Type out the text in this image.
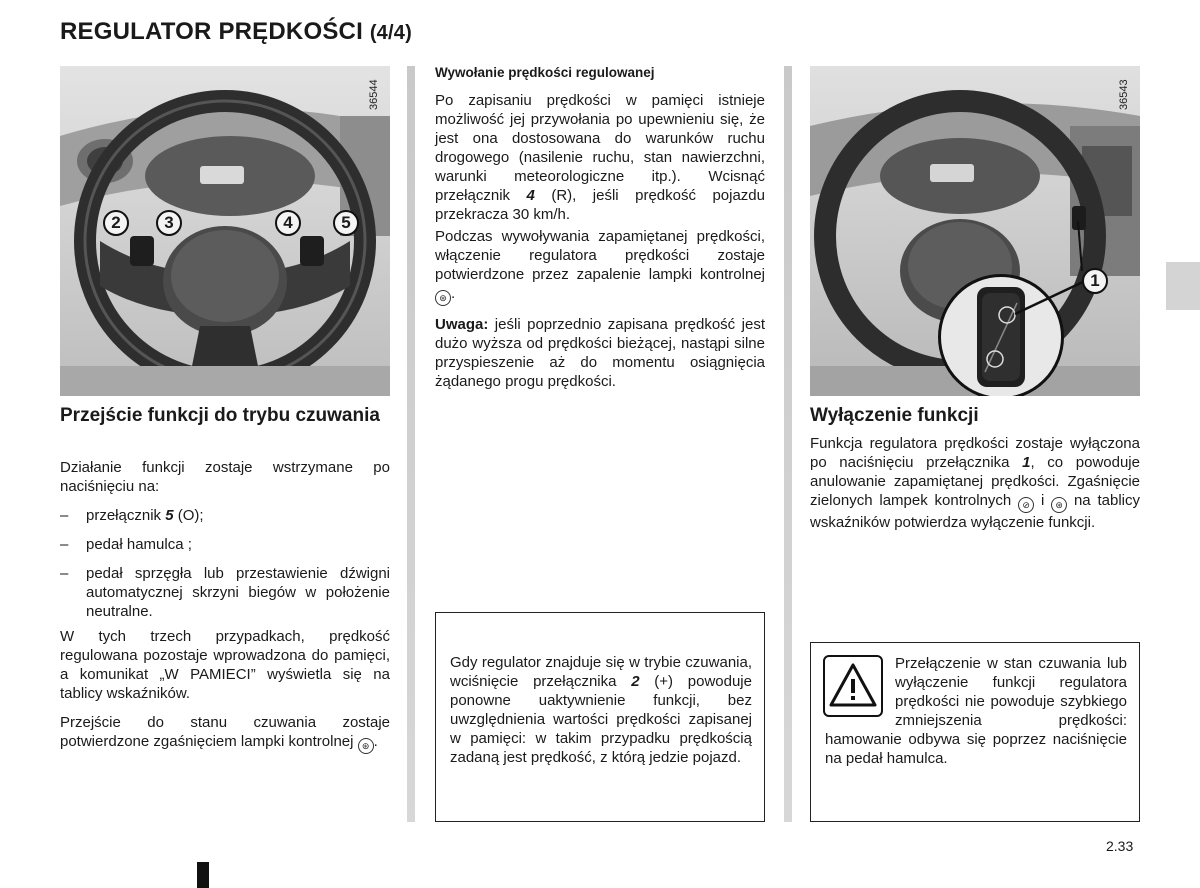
REGULATOR PRĘDKOŚCI (4/4)
36544
2	3	4	5
Przejście funkcji do trybu czuwania

Działanie funkcji zostaje wstrzymane po naciśnięciu na:

– przełącznik 5 (O);
– pedał hamulca ;
– pedał sprzęgła lub przestawienie dźwigni automatycznej skrzyni biegów w położenie neutralne.

W tych trzech przypadkach, prędkość regulowana pozostaje wprowadzona do pamięci, a komunikat „W PAMIECI” wyświetla się na tablicy wskaźników.

Przejście do stanu czuwania zostaje potwierdzone zgaśnięciem lampki kontrolnej ⊛ .

Wywołanie prędkości regulowanej

Po zapisaniu prędkości w pamięci istnieje możliwość jej przywołania po upewnieniu się, że jest ona dostosowana do warunków ruchu drogowego (nasilenie ruchu, stan nawierzchni, warunki meteorologiczne itp.). Wcisnąć przełącznik 4 (R), jeśli prędkość pojazdu przekracza 30 km/h.

Podczas wywoływania zapamiętanej prędkości, włączenie regulatora prędkości zostaje potwierdzone przez zapalenie lampki kontrolnej ⊛ .

Uwaga: jeśli poprzednio zapisana prędkość jest dużo wyższa od prędkości bieżącej, nastąpi silne przyspieszenie aż do momentu osiągnięcia żądanego progu prędkości.

Gdy regulator znajduje się w trybie czuwania, wciśnięcie przełącznika 2 (+) powoduje ponowne uaktywnienie funkcji, bez uwzględnienia wartości prędkości zapisanej w pamięci: w takim przypadku prędkością zadaną jest prędkość, z którą jedzie pojazd.

1
36543
Wyłączenie funkcji

Funkcja regulatora prędkości zostaje wyłączona po naciśnięciu przełącznika 1, co powoduje anulowanie zapamiętanej prędkości. Zgaśnięcie zielonych lampek kontrolnych ⊘ i ⊛ na tablicy wskaźników potwierdza wyłączenie funkcji.

Przełączenie w stan czuwania lub wyłączenie funkcji regulatora prędkości nie powoduje szybkiego zmniejszenia prędkości: hamowanie odbywa się poprzez naciśnięcie na pedał hamulca.

2.33
